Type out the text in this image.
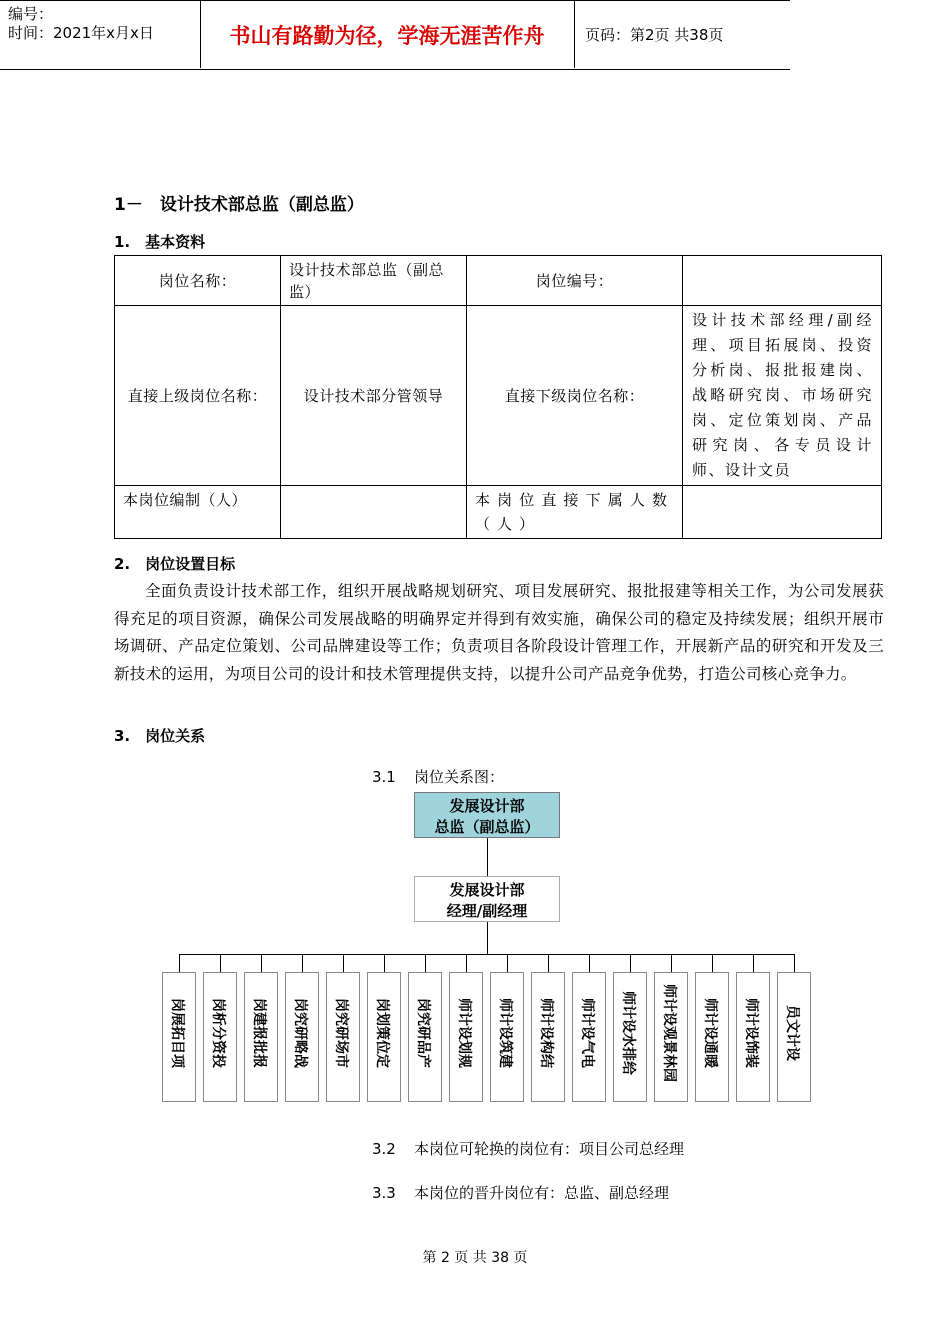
编号：
时间：2021年x月x日	书山有路勤为径，学海无涯苦作舟	页码：第2页 共38页
1－　设计技术部总监（副总监）
1.　基本资料
岗位名称：	设计技术部总监（副总监）	岗位编号：	
直接上级岗位名称：	设计技术部分管领导	直接下级岗位名称：	设计技术部经理/副经理、项目拓展岗、投资分析岗、报批报建岗、战略研究岗、市场研究岗、定位策划岗、产品研究岗、各专员设计师、设计文员
本岗位编制（人）		本岗位直接下属人数（人）	
2.　岗位设置目标
全面负责设计技术部工作，组织开展战略规划研究、项目发展研究、报批报建等相关工作，为公司发展获得充足的项目资源，确保公司发展战略的明确界定并得到有效实施，确保公司的稳定及持续发展；组织开展市场调研、产品定位策划、公司品牌建设等工作；负责项目各阶段设计管理工作，开展新产品的研究和开发及三新技术的运用，为项目公司的设计和技术管理提供支持，以提升公司产品竞争优势，打造公司核心竞争力。
3.　岗位关系
3.1 岗位关系图：
发展设计部
总监（副总监）
发展设计部
经理/副经理
岗展拓目项 岗析分资投 岗建报批报 岗究研略战 岗究研场市 岗划策位定 岗究研品产 师计设划规 师计设筑建 师计设构结 师计设气电 师计设水排给 师计设观景林园 师计设通暖 师计设饰装 员文计设
3.2 本岗位可轮换的岗位有：项目公司总经理
3.3 本岗位的晋升岗位有：总监、副总经理
第 2 页 共 38 页
